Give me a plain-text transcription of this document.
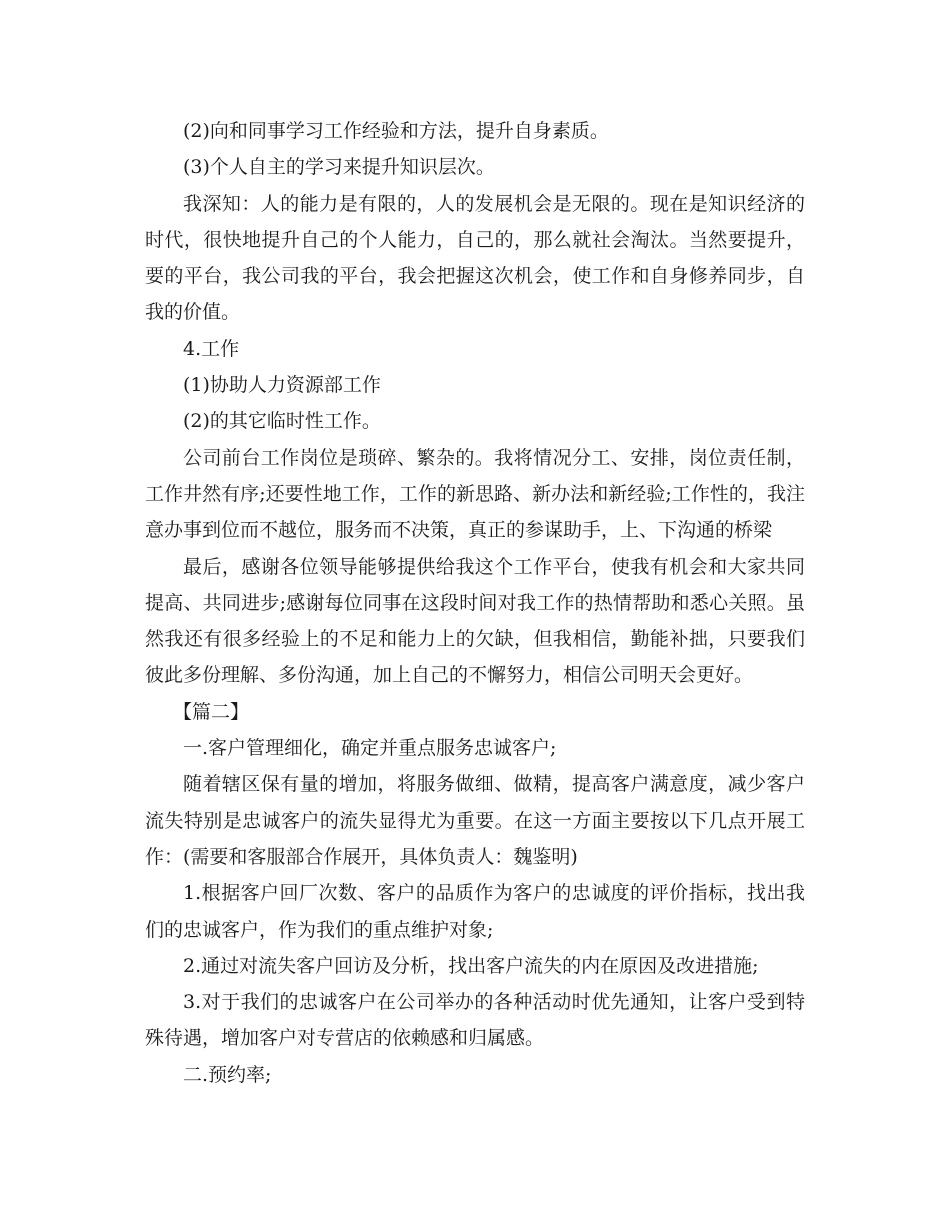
(2)向和同事学习工作经验和方法，提升自身素质。

(3)个人自主的学习来提升知识层次。

我深知：人的能力是有限的，人的发展机会是无限的。现在是知识经济的时代，很快地提升自己的个人能力，自己的，那么就社会淘汰。当然要提升，要的平台，我公司我的平台，我会把握这次机会，使工作和自身修养同步，自我的价值。

4.工作

(1)协助人力资源部工作

(2)的其它临时性工作。

公司前台工作岗位是琐碎、繁杂的。我将情况分工、安排，岗位责任制，工作井然有序;还要性地工作，工作的新思路、新办法和新经验;工作性的，我注意办事到位而不越位，服务而不决策，真正的参谋助手，上、下沟通的桥梁

最后，感谢各位领导能够提供给我这个工作平台，使我有机会和大家共同提高、共同进步;感谢每位同事在这段时间对我工作的热情帮助和悉心关照。虽然我还有很多经验上的不足和能力上的欠缺，但我相信，勤能补拙，只要我们彼此多份理解、多份沟通，加上自己的不懈努力，相信公司明天会更好。

【篇二】

一.客户管理细化，确定并重点服务忠诚客户;

随着辖区保有量的增加，将服务做细、做精，提高客户满意度，减少客户流失特别是忠诚客户的流失显得尤为重要。在这一方面主要按以下几点开展工作：(需要和客服部合作展开，具体负责人：魏鉴明)

1.根据客户回厂次数、客户的品质作为客户的忠诚度的评价指标，找出我们的忠诚客户，作为我们的重点维护对象;

2.通过对流失客户回访及分析，找出客户流失的内在原因及改进措施;

3.对于我们的忠诚客户在公司举办的各种活动时优先通知，让客户受到特殊待遇，增加客户对专营店的依赖感和归属感。

二.预约率;
